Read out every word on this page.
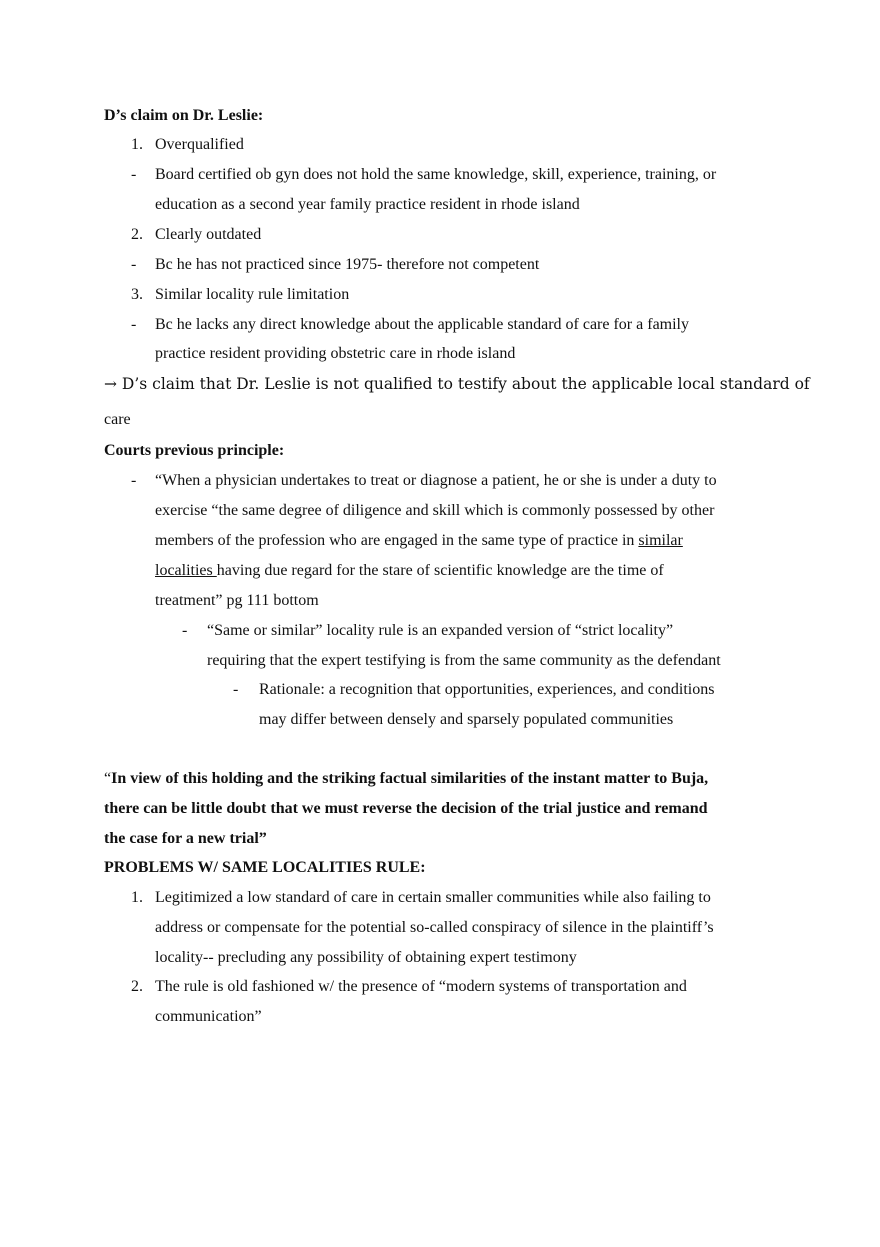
D’s claim on Dr. Leslie:
1. Overqualified
- Board certified ob gyn does not hold the same knowledge, skill, experience, training, or
education as a second year family practice resident in rhode island
2. Clearly outdated
- Bc he has not practiced since 1975- therefore not competent
3. Similar locality rule limitation
- Bc he lacks any direct knowledge about the applicable standard of care for a family
practice resident providing obstetric care in rhode island
→ D’s claim that Dr. Leslie is not qualified to testify about the applicable local standard of
care
Courts previous principle:
- “When a physician undertakes to treat or diagnose a patient, he or she is under a duty to
exercise “the same degree of diligence and skill which is commonly possessed by other
members of the profession who are engaged in the same type of practice in similar
localities having due regard for the stare of scientific knowledge are the time of
treatment” pg 111 bottom
- “Same or similar” locality rule is an expanded version of “strict locality”
requiring that the expert testifying is from the same community as the defendant
- Rationale: a recognition that opportunities, experiences, and conditions
may differ between densely and sparsely populated communities
“In view of this holding and the striking factual similarities of the instant matter to Buja,
there can be little doubt that we must reverse the decision of the trial justice and remand
the case for a new trial”
PROBLEMS W/ SAME LOCALITIES RULE:
1. Legitimized a low standard of care in certain smaller communities while also failing to
address or compensate for the potential so-called conspiracy of silence in the plaintiff’s
locality-- precluding any possibility of obtaining expert testimony
2. The rule is old fashioned w/ the presence of “modern systems of transportation and
communication”
